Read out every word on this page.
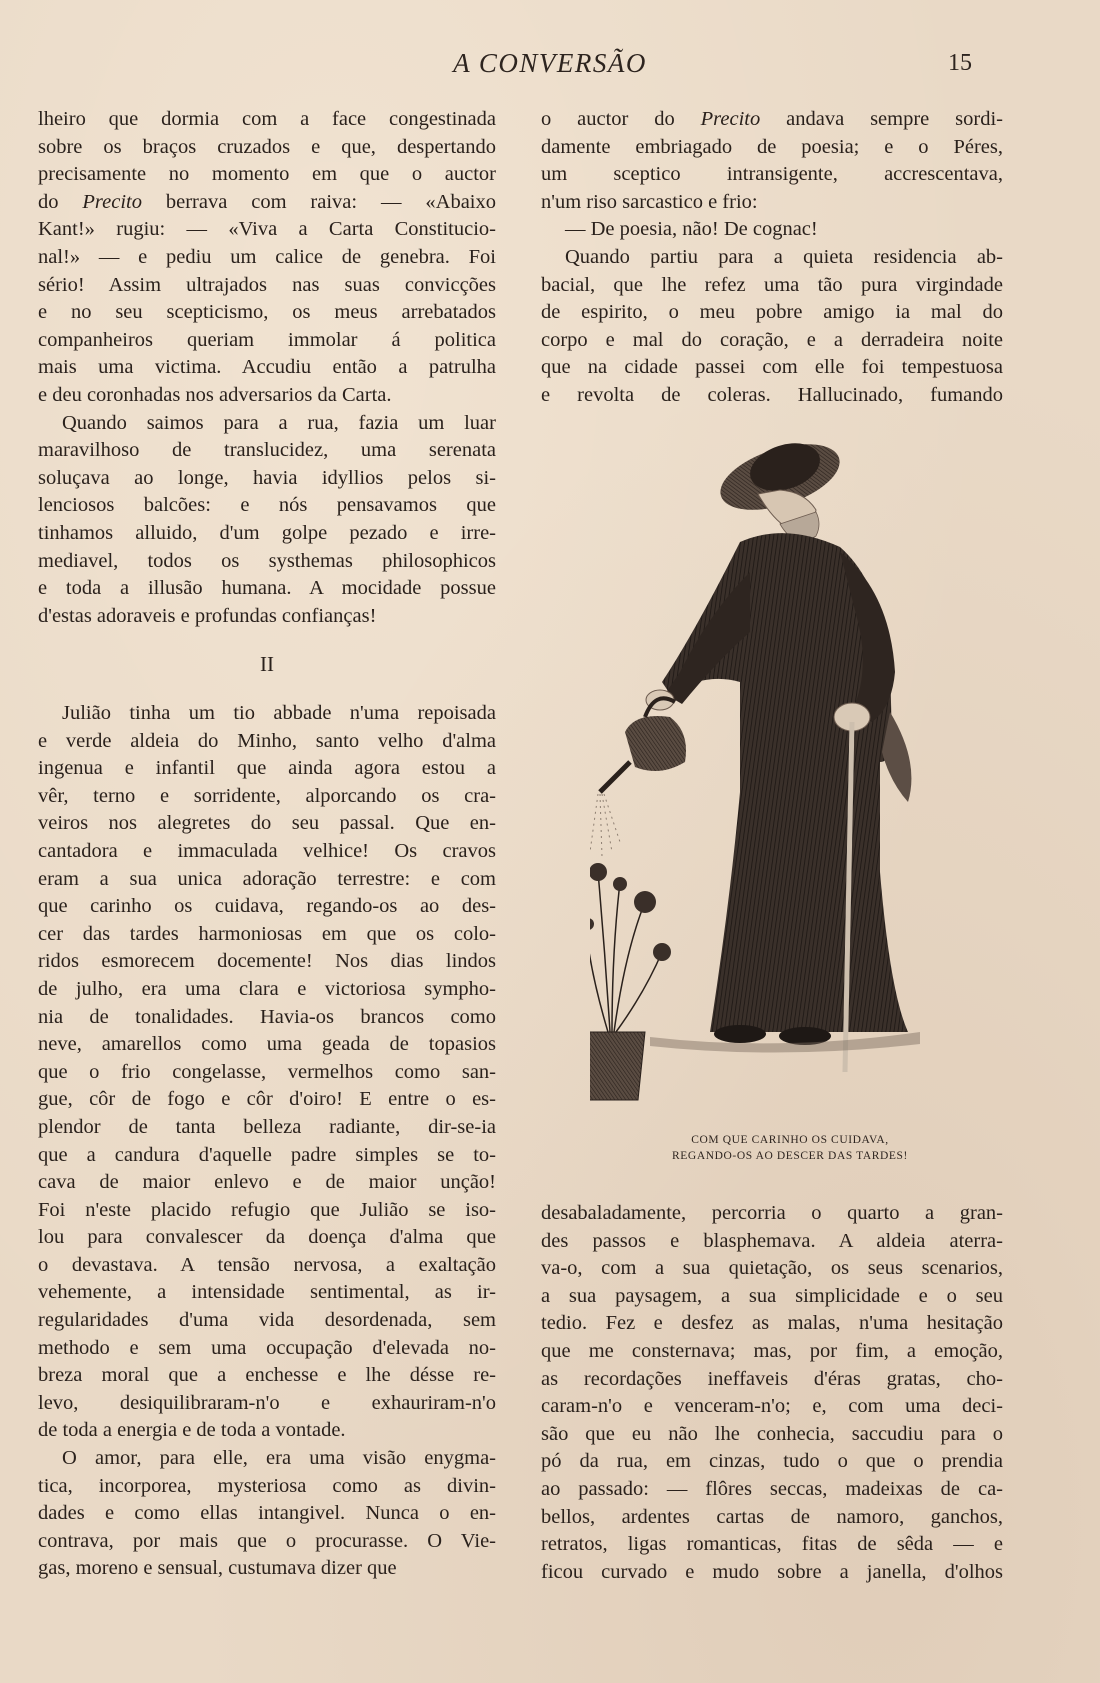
A CONVERSÃO	15
lheiro que dormia com a face congestinada
sobre os braços cruzados e que, despertando
precisamente no momento em que o auctor
do Precito berrava com raiva: — «Abaixo
Kant!» rugiu: — «Viva a Carta Constitucio-
nal!» — e pediu um calice de genebra. Foi
sério! Assim ultrajados nas suas convicções
e no seu scepticismo, os meus arrebatados
companheiros queriam immolar á politica
mais uma victima. Accudiu então a patrulha
e deu coronhadas nos adversarios da Carta.
Quando saimos para a rua, fazia um luar
maravilhoso de translucidez, uma serenata
soluçava ao longe, havia idyllios pelos si-
lenciosos balcões: e nós pensavamos que
tinhamos alluido, d'um golpe pezado e irre-
mediavel, todos os systhemas philosophicos
e toda a illusão humana. A mocidade possue
d'estas adoraveis e profundas confianças!
II
Julião tinha um tio abbade n'uma repoisada
e verde aldeia do Minho, santo velho d'alma
ingenua e infantil que ainda agora estou a
vêr, terno e sorridente, alporcando os cra-
veiros nos alegretes do seu passal. Que en-
cantadora e immaculada velhice! Os cravos
eram a sua unica adoração terrestre: e com
que carinho os cuidava, regando-os ao des-
cer das tardes harmoniosas em que os colo-
ridos esmorecem docemente! Nos dias lindos
de julho, era uma clara e victoriosa sympho-
nia de tonalidades. Havia-os brancos como
neve, amarellos como uma geada de topasios
que o frio congelasse, vermelhos como san-
gue, côr de fogo e côr d'oiro! E entre o es-
plendor de tanta belleza radiante, dir-se-ia
que a candura d'aquelle padre simples se to-
cava de maior enlevo e de maior unção!
Foi n'este placido refugio que Julião se iso-
lou para convalescer da doença d'alma que
o devastava. A tensão nervosa, a exaltação
vehemente, a intensidade sentimental, as ir-
regularidades d'uma vida desordenada, sem
methodo e sem uma occupação d'elevada no-
breza moral que a enchesse e lhe désse re-
levo, desiquilibraram-n'o e exhauriram-n'o
de toda a energia e de toda a vontade.
O amor, para elle, era uma visão enygma-
tica, incorporea, mysteriosa como as divin-
dades e como ellas intangivel. Nunca o en-
contrava, por mais que o procurasse. O Vie-
gas, moreno e sensual, custumava dizer que
o auctor do Precito andava sempre sordi-
damente embriagado de poesia; e o Péres,
um sceptico intransigente, accrescentava,
n'um riso sarcastico e frio:
— De poesia, não! De cognac!
Quando partiu para a quieta residencia ab-
bacial, que lhe refez uma tão pura virgindade
de espirito, o meu pobre amigo ia mal do
corpo e mal do coração, e a derradeira noite
que na cidade passei com elle foi tempestuosa
e revolta de coleras. Hallucinado, fumando
COM QUE CARINHO OS CUIDAVA,
REGANDO-OS AO DESCER DAS TARDES!
desabaladamente, percorria o quarto a gran-
des passos e blasphemava. A aldeia aterra-
va-o, com a sua quietação, os seus scenarios,
a sua paysagem, a sua simplicidade e o seu
tedio. Fez e desfez as malas, n'uma hesitação
que me consternava; mas, por fim, a emoção,
as recordações ineffaveis d'éras gratas, cho-
caram-n'o e venceram-n'o; e, com uma deci-
são que eu não lhe conhecia, saccudiu para o
pó da rua, em cinzas, tudo o que o prendia
ao passado: — flôres seccas, madeixas de ca-
bellos, ardentes cartas de namoro, ganchos,
retratos, ligas romanticas, fitas de sêda — e
ficou curvado e mudo sobre a janella, d'olhos
